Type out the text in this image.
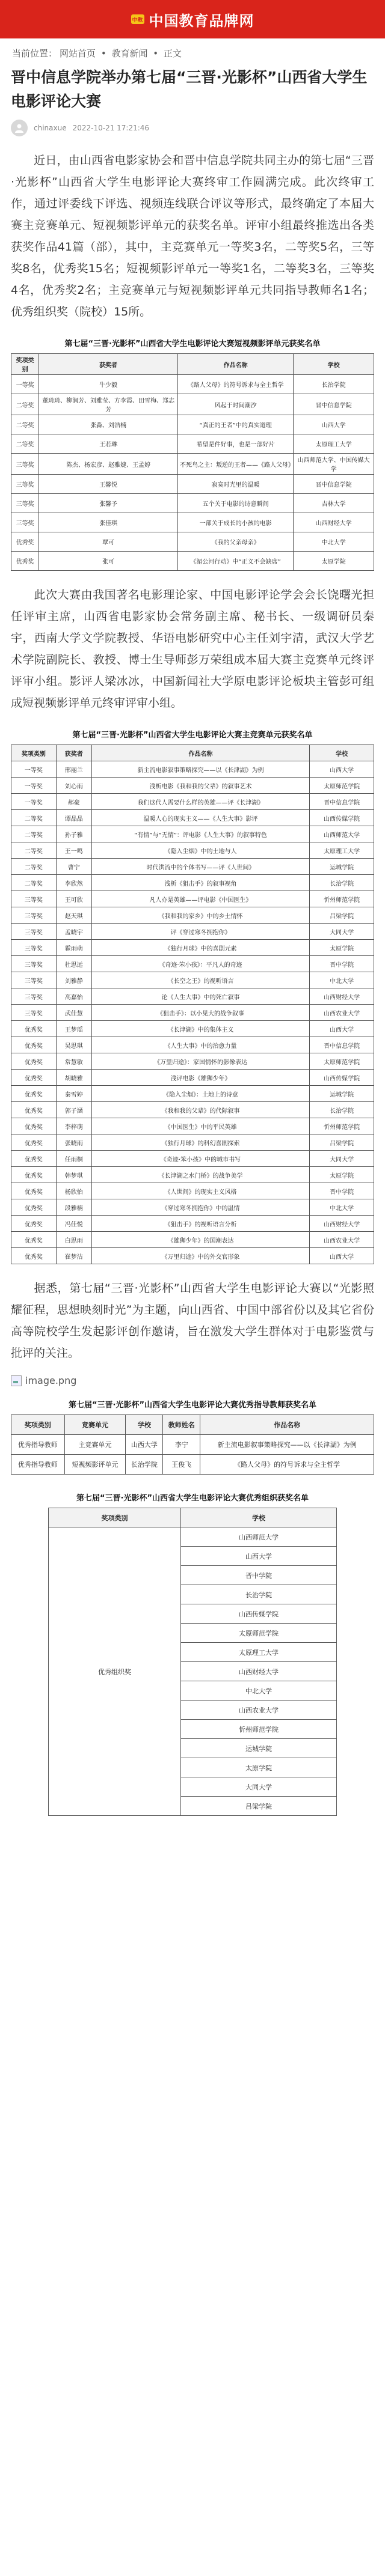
中教 中国教育品牌网
当前位置： 网站首页 • 教育新闻 • 正文
晋中信息学院举办第七届“三晋·光影杯”山西省大学生电影评论大赛
chinaxue 2022-10-21 17:21:46
近日，由山西省电影家协会和晋中信息学院共同主办的第七届“三晋·光影杯”山西省大学生电影评论大赛终审工作圆满完成。此次终审工作，通过评委线下评选、视频连线联合评议等形式，最终确定了本届大赛主竞赛单元、短视频影评单元的获奖名单。评审小组最终推选出各类获奖作品41篇（部），其中，主竞赛单元一等奖3名，二等奖5名，三等奖8名，优秀奖15名；短视频影评单元一等奖1名，二等奖3名，三等奖4名，优秀奖2名；主竞赛单元与短视频影评单元共同指导教师名1名；优秀组织奖（院校）15所。
第七届“三晋·光影杯”山西省大学生电影评论大赛短视频影评单元获奖名单
奖项类别	获奖者	作品名称	学校
一等奖	牛少毅	《路人父母》的符号诉求与全主哲学	长治学院
二等奖	董琦琦、柳润芳、刘雅莹、方李霞、田雪梅、郑志芳	风起于时间潮汐	晋中信息学院
二等奖	张淼、刘浩楠	“真正的王者”中的真实道理	山西大学
二等奖	王若琳	希望是件好事，也是一部好片	太原理工大学
三等奖	陈杰、杨宏彦、赵雅婕、王孟婷	不死鸟之主：叛逆的王者——《路人父母》	山西师范大学、中国传媒大学
三等奖	王馨悦	寂寞时光里的温暖	晋中信息学院
三等奖	张馨予	五个关于电影的诗意瞬间	吉林大学
三等奖	张佳琪	一部关于成长的小孩的电影	山西财经大学
优秀奖	覃可	《我的父亲母亲》	中北大学
优秀奖	张可	《湄公河行动》中“正义不会缺席”	太原学院
此次大赛由我国著名电影理论家、中国电影评论学会会长饶曙光担任评审主席，山西省电影家协会常务副主席、秘书长、一级调研员秦宇，西南大学文学院教授、华语电影研究中心主任刘宇清，武汉大学艺术学院副院长、教授、博士生导师彭万荣组成本届大赛主竞赛单元终评评审小组。影评人梁冰冰，中国新闻社大学原电影评论板块主管彭可组成短视频影评单元终审评审小组。
第七届“三晋·光影杯”山西省大学生电影评论大赛主竞赛单元获奖名单
奖项类别	获奖者	作品名称	学校
一等奖	邢丽兰	新主流电影叙事策略探究——以《长津湖》为例	山西大学
一等奖	刘心雨	浅析电影《我和我的父辈》的叙事艺术	太原师范学院
一等奖	郝豪	我们这代人需要什么样的英雄——评《长津湖》	晋中信息学院
二等奖	谭晶晶	温暖人心的现实主义——《人生大事》影评	山西传媒学院
二等奖	孙子雅	“有情”与“无情”：评电影《人生大事》的叙事特色	山西师范大学
二等奖	王一鸣	《隐入尘烟》中的土地与人	太原理工大学
二等奖	曹宁	时代洪流中的个体书写——评《人世间》	运城学院
二等奖	李欣然	浅析《狙击手》的叙事视角	长治学院
三等奖	王可欣	凡人亦是英雄——评电影《中国医生》	忻州师范学院
三等奖	赵天琪	《我和我的家乡》中的乡土情怀	吕梁学院
三等奖	孟晓宇	评《穿过寒冬拥抱你》	大同大学
三等奖	霍雨萌	《独行月球》中的喜剧元素	太原学院
三等奖	杜思远	《奇迹·笨小孩》：平凡人的奇迹	晋中学院
三等奖	刘雅静	《长空之王》的视听语言	中北大学
三等奖	高嘉怡	论《人生大事》中的死亡叙事	山西财经大学
三等奖	武佳慧	《狙击手》：以小见大的战争叙事	山西农业大学
优秀奖	王梦瑶	《长津湖》中的集体主义	山西大学
优秀奖	吴思琪	《人生大事》中的治愈力量	晋中信息学院
优秀奖	常慧敏	《万里归途》：家国情怀的影像表达	太原师范学院
优秀奖	胡晓雅	浅评电影《雄狮少年》	山西传媒学院
优秀奖	秦雪婷	《隐入尘烟》：土地上的诗意	运城学院
优秀奖	郭子涵	《我和我的父辈》的代际叙事	长治学院
优秀奖	李梓萌	《中国医生》中的平民英雄	忻州师范学院
优秀奖	张晓雨	《独行月球》的科幻喜剧探索	吕梁学院
优秀奖	任雨桐	《奇迹·笨小孩》中的城市书写	大同大学
优秀奖	韩梦琪	《长津湖之水门桥》的战争美学	太原学院
优秀奖	杨欣怡	《人世间》的现实主义风格	晋中学院
优秀奖	段雅楠	《穿过寒冬拥抱你》中的温情	中北大学
优秀奖	冯佳悦	《狙击手》的视听语言分析	山西财经大学
优秀奖	白思雨	《雄狮少年》的国潮表达	山西农业大学
优秀奖	崔梦洁	《万里归途》中的外交官形象	山西大学
据悉，第七届“三晋·光影杯”山西省大学生电影评论大赛以“光影照耀征程，思想映刻时光”为主题，向山西省、中国中部省份以及其它省份高等院校学生发起影评创作邀请，旨在激发大学生群体对于电影鉴赏与批评的关注。
image.png
第七届“三晋·光影杯”山西省大学生电影评论大赛优秀指导教师获奖名单
奖项类别	竞赛单元	学校	教师姓名	作品名称
优秀指导教师	主竞赛单元	山西大学	李宁	新主流电影叙事策略探究——以《长津湖》为例
优秀指导教师	短视频影评单元	长治学院	王俊飞	《路人父母》的符号诉求与全主哲学
第七届“三晋·光影杯”山西省大学生电影评论大赛优秀组织获奖名单
奖项类别	学校
优秀组织奖	山西师范大学
	山西大学
	晋中学院
	长治学院
	山西传媒学院
	太原师范学院
	太原理工大学
	山西财经大学
	中北大学
	山西农业大学
	忻州师范学院
	运城学院
	太原学院
	大同大学
	吕梁学院
